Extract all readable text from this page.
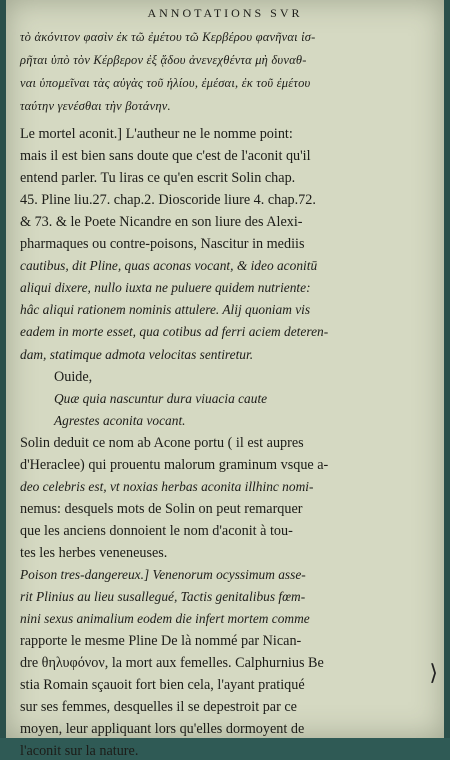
ANNOTATIONS SVR
τὸ ἀκόνιτον φασὶν ἐκ τῶ ἐμέτου τῶ Κερβέρου φανῆναι ἰσ-
ρῆται ὑπὸ τὸν Κέρβερον ἐξ ᾅδου ἀνενεχθέντα μὴ δυναθ-
ναι ὑπομεῖναι τὰς αὐγὰς τοῦ ἡλίου, ἐμέσαι, ἐκ τοῦ ἐμέτου
ταύτην γενέσθαι τὴν βοτάνην.
Le mortel aconit.] L'autheur ne le nomme point:
mais il est bien sans doute que c'est de l'aconit qu'il
entend parler. Tu liras ce qu'en escrit Solin chap.
45. Pline liu.27. chap.2. Dioscoride liure 4. chap.72.
& 73. & le Poete Nicandre en son liure des Alexi-
pharmaques ou contre-poisons, Nascitur in mediis
cautibus, dit Pline, quas aconas vocant, & ideo aconitū
aliqui dixere, nullo iuxta ne puluere quidem nutriente:
hâc aliqui rationem nominis attulere. Alij quoniam vis
eadem in morte esset, qua cotibus ad ferri aciem deteren-
dam, statimque admota velocitas sentiretur.
Ouide,
Quæ quia nascuntur dura viuacia caute
Agrestes aconita vocant.
Solin deduit ce nom ab Acone portu ( il est aupres
d'Heraclee) qui prouentu malorum graminum vsque a-
deo celebris est, vt noxias herbas aconita illhinc nomi-
nemus: desquels mots de Solin on peut remarquer
que les anciens donnoient le nom d'aconit à tou-
tes les herbes veneneuses.
Poison tres-dangereux.] Venenorum ocyssimum asse-
rit Plinius au lieu susallegué, Tactis genitalibus fœm-
nini sexus animalium eodem die infert mortem comme
rapporte le mesme Pline De là nommé par Nican-
dre θηλυφόνον, la mort aux femelles. Calphurnius Be
stia Romain sçauoit fort bien cela, l'ayant pratiqué
sur ses femmes, desquelles il se depestroit par ce
moyen, leur appliquant lors qu'elles dormoyent de
l'aconit sur la nature.
⟩
